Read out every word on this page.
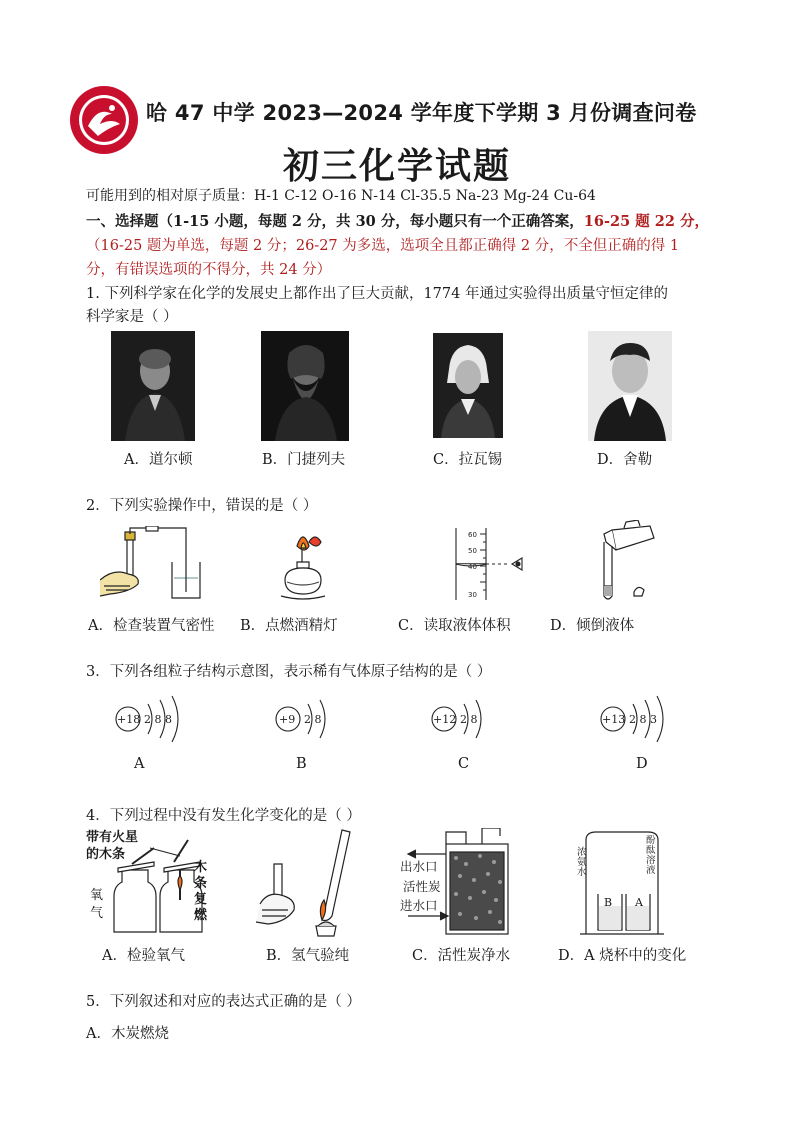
哈 47 中学 2023—2024 学年度下学期 3 月份调查问卷
初三化学试题
可能用到的相对原子质量：H-1 C-12 O-16 N-14 Cl-35.5 Na-23 Mg-24 Cu-64
一、选择题（1-15 小题，每题 2 分，共 30 分，每小题只有一个正确答案，16-25 题 22 分，
（16-25 题为单选，每题 2 分；26-27 为多选，选项全且都正确得 2 分，不全但正确的得 1
分，有错误选项的不得分，共 24 分）
1. 下列科学家在化学的发展史上都作出了巨大贡献，1774 年通过实验得出质量守恒定律的
科学家是（ ）
A．道尔顿	B．门捷列夫	C．拉瓦锡	D．舍勒
2．下列实验操作中，错误的是（ ）
60
50
40
30
A．检查装置气密性 B．点燃酒精灯	C．读取液体体积	D．倾倒液体
3．下列各组粒子结构示意图，表示稀有气体原子结构的是（ ）
+18 2 8 8	+9 2 8	+12 2 8	+13 2 8 3
A	B	C	D
4．下列过程中没有发生化学变化的是（ ）
带有火星
的木条
氧
气
木
条
复
燃
出水口
活性炭
进水口
浓氨水
酚酞溶液
B A
A．检验氧气	B．氢气验纯	C．活性炭净水	D．A 烧杯中的变化
5．下列叙述和对应的表达式正确的是（ ）
A．木炭燃烧
